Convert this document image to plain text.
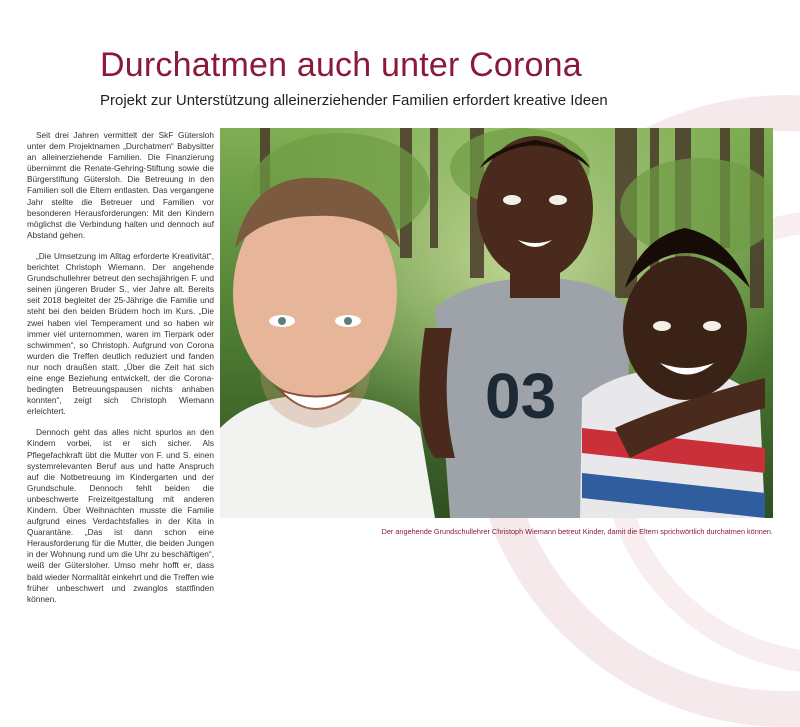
Durchatmen auch unter Corona
Projekt zur Unterstützung alleinerziehender Familien erfordert kreative Ideen

Seit drei Jahren vermittelt der SkF Gütersloh unter dem Projektnamen „Durchatmen“ Babysitter an alleinerziehende Familien. Die Finanzierung übernimmt die Renate-Gehring-Stiftung sowie die Bürgerstiftung Gütersloh. Die Betreuung in den Familien soll die Eltern entlasten. Das vergangene Jahr stellte die Betreuer und Familien vor besonderen Herausforderungen: Mit den Kindern möglichst die Verbindung halten und dennoch auf Abstand gehen.

„Die Umsetzung im Alltag erforderte Kreativität“, berichtet Christoph Wiemann. Der angehende Grundschullehrer betreut den sechsjährigen F. und seinen jüngeren Bruder S., vier Jahre alt. Bereits seit 2018 begleitet der 25-Jährige die Familie und steht bei den beiden Brüdern hoch im Kurs. „Die zwei haben viel Temperament und so haben wir immer viel unternommen, waren im Tierpark oder schwimmen“, so Christoph. Aufgrund von Corona wurden die Treffen deutlich reduziert und fanden nur noch draußen statt. „Über die Zeit hat sich eine enge Beziehung entwickelt, der die Corona-bedingten Betreuungspausen nichts anhaben konnten“, zeigt sich Christoph Wiemann erleichtert.

Dennoch geht das alles nicht spurlos an den Kindern vorbei, ist er sich sicher. Als Pflegefachkraft übt die Mutter von F. und S. einen systemrelevanten Beruf aus und hatte Anspruch auf die Notbetreuung im Kindergarten und der Grundschule. Dennoch fehlt beiden die unbeschwerte Freizeitgestaltung mit anderen Kindern. Über Weihnachten musste die Familie aufgrund eines Verdachtsfalles in der Kita in Quarantäne. „Das ist dann schon eine Herausforderung für die Mutter, die beiden Jungen in der Wohnung rund um die Uhr zu beschäftigen“, weiß der Gütersloher. Umso mehr hofft er, dass bald wieder Normalität einkehrt und die Treffen wie früher unbeschwert und zwanglos stattfinden können.

03
Der angehende Grundschullehrer Christoph Wiemann betreut Kinder, damit die Eltern sprichwörtlich durchatmen können.
